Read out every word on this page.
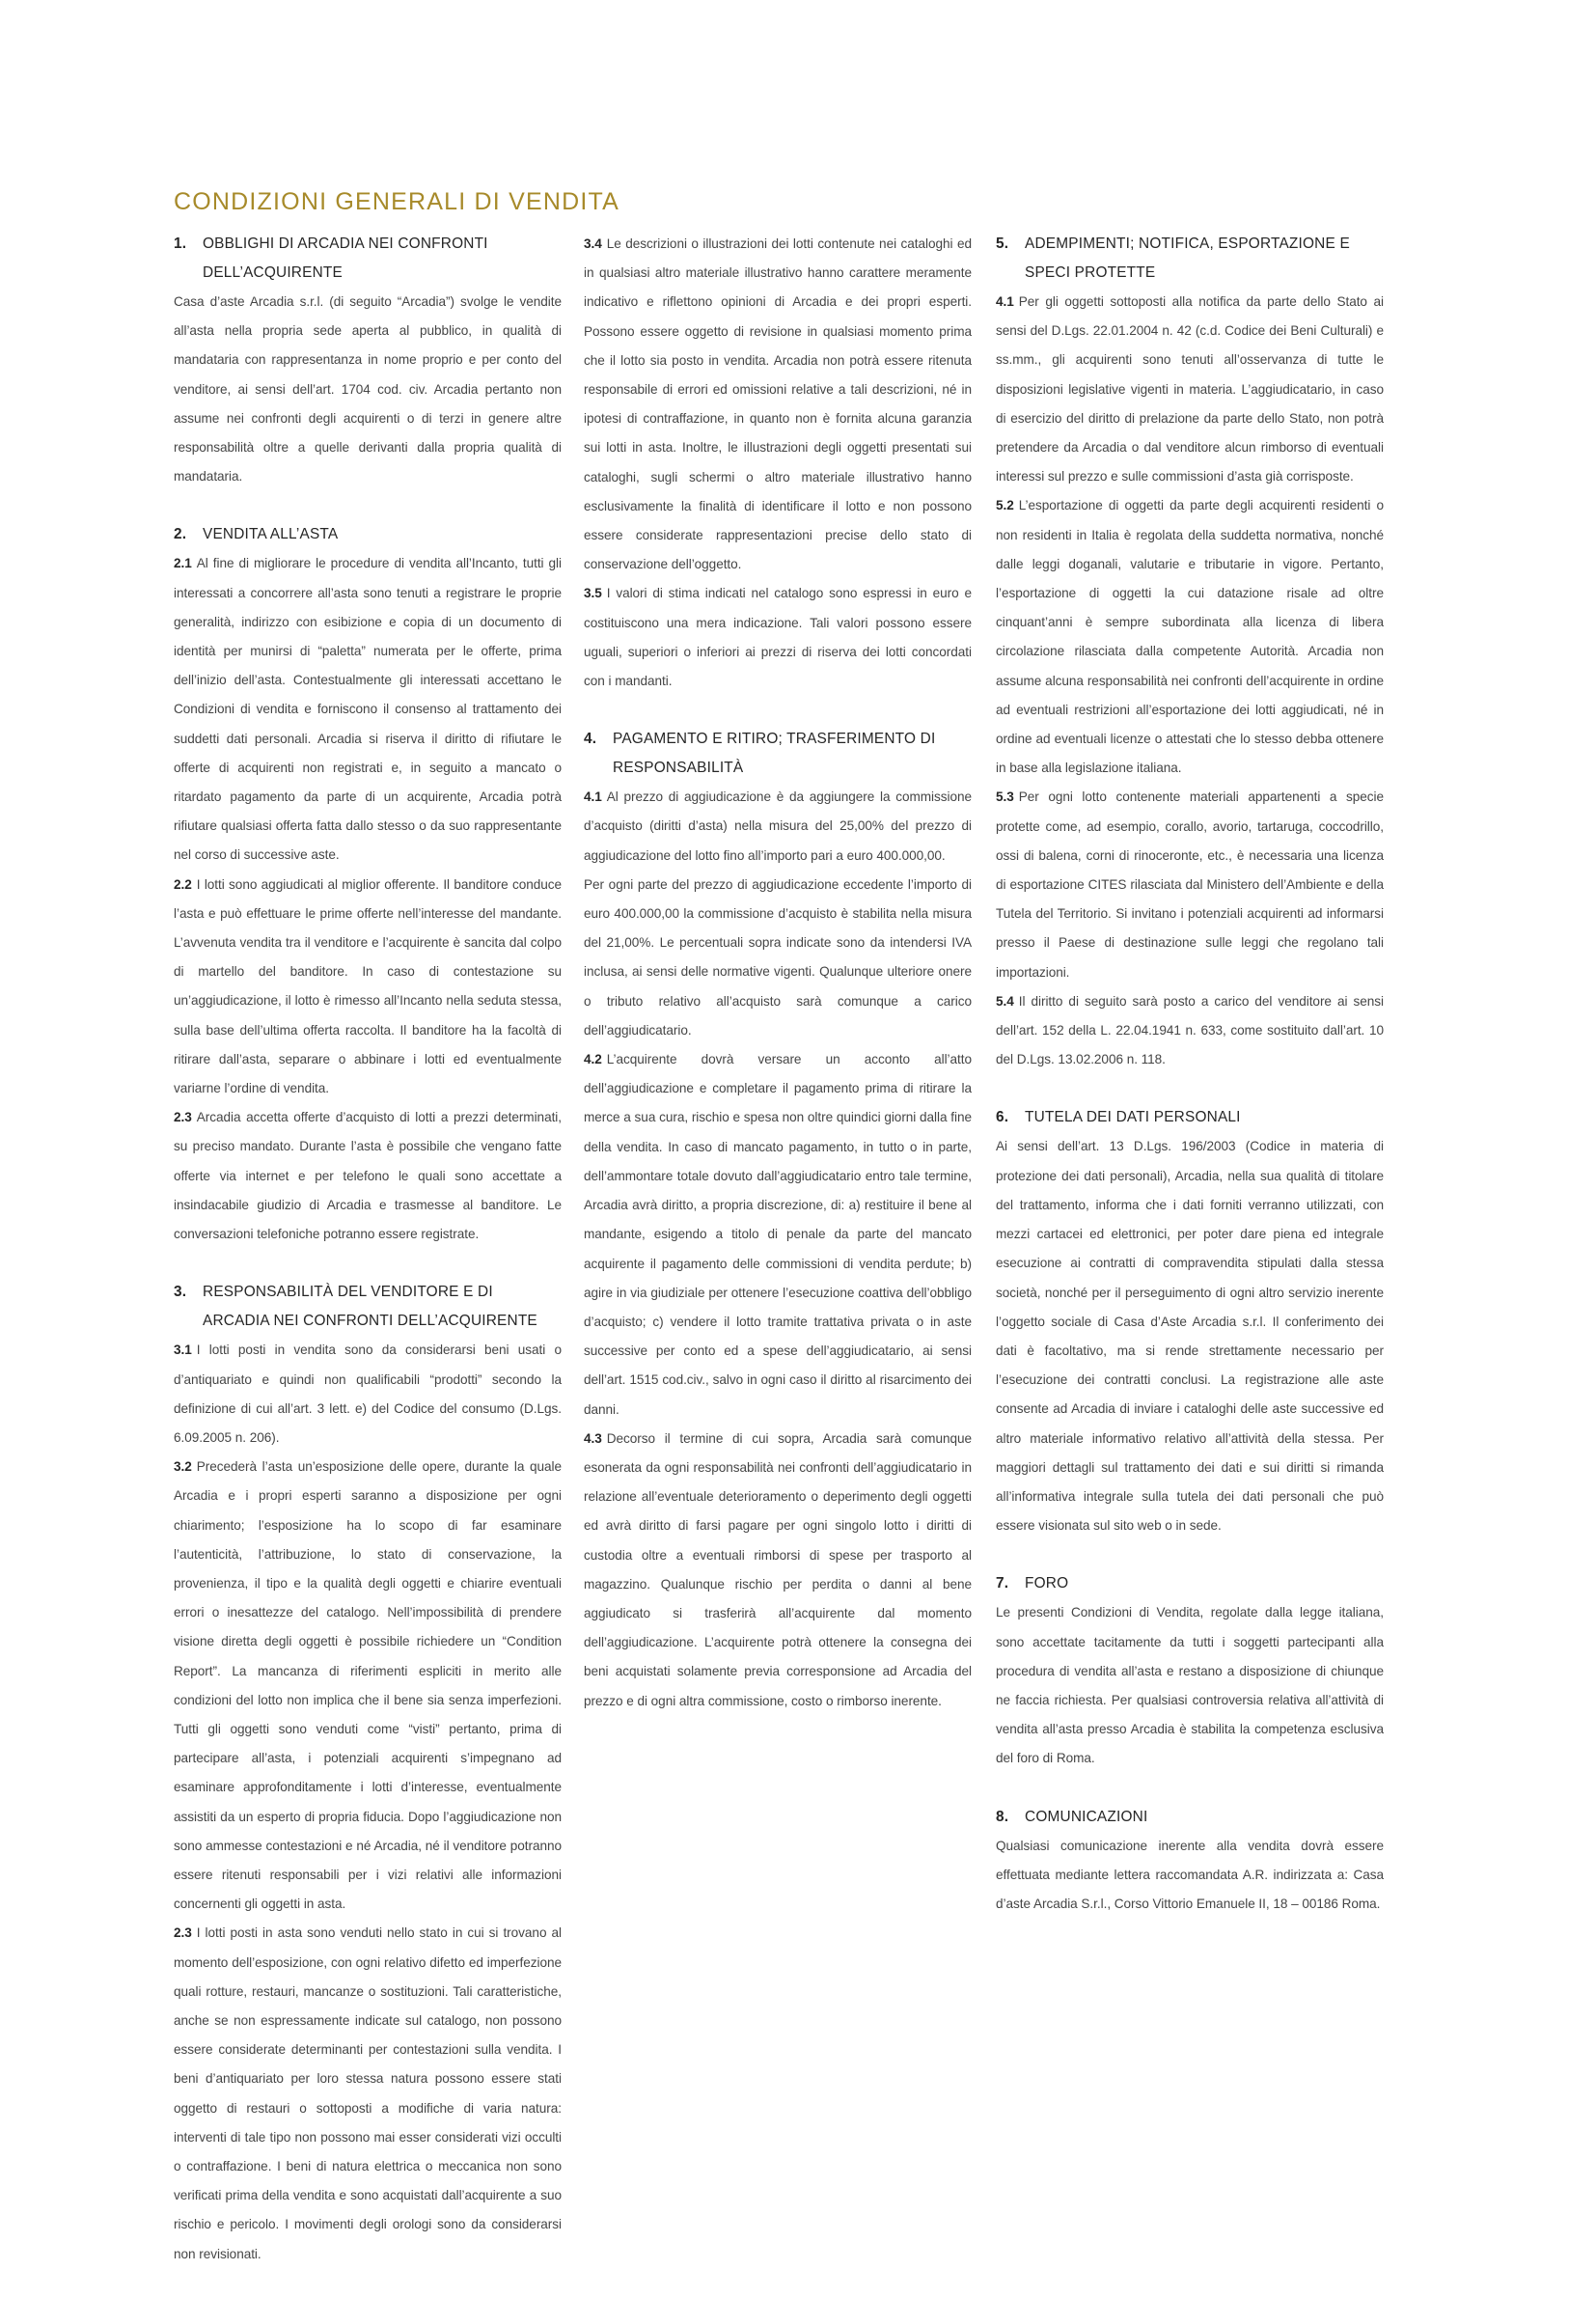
CONDIZIONI GENERALI DI VENDITA
1.	OBBLIGHI DI ARCADIA NEI CONFRONTI DELL’ACQUIRENTE

Casa d’aste Arcadia s.r.l. (di seguito “Arcadia”) svolge le vendite all’asta nella propria sede aperta al pubblico, in qualità di mandataria con rappresentanza in nome proprio e per conto del venditore, ai sensi dell’art. 1704 cod. civ. Arcadia pertanto non assume nei confronti degli acquirenti o di terzi in genere altre responsabilità oltre a quelle derivanti dalla propria qualità di mandataria.

2.	VENDITA ALL’ASTA

2.1 Al fine di migliorare le procedure di vendita all’Incanto, tutti gli interessati a concorrere all’asta sono tenuti a registrare le proprie generalità, indirizzo con esibizione e copia di un documento di identità per munirsi di “paletta” numerata per le offerte, prima dell’inizio dell’asta. Contestualmente gli interessati accettano le Condizioni di vendita e forniscono il consenso al trattamento dei suddetti dati personali. Arcadia si riserva il diritto di rifiutare le offerte di acquirenti non registrati e, in seguito a mancato o ritardato pagamento da parte di un acquirente, Arcadia potrà rifiutare qualsiasi offerta fatta dallo stesso o da suo rappresentante nel corso di successive aste.

2.2 I lotti sono aggiudicati al miglior offerente. Il banditore conduce l’asta e può effettuare le prime offerte nell’interesse del mandante. L’avvenuta vendita tra il venditore e l’acquirente è sancita dal colpo di martello del banditore. In caso di contestazione su un’aggiudicazione, il lotto è rimesso all’Incanto nella seduta stessa, sulla base dell’ultima offerta raccolta. Il banditore ha la facoltà di ritirare dall’asta, separare o abbinare i lotti ed eventualmente variarne l’ordine di vendita.

2.3 Arcadia accetta offerte d’acquisto di lotti a prezzi determinati, su preciso mandato. Durante l’asta è possibile che vengano fatte offerte via internet e per telefono le quali sono accettate a insindacabile giudizio di Arcadia e trasmesse al banditore. Le conversazioni telefoniche potranno essere registrate.

3.	RESPONSABILITÀ DEL VENDITORE E DI ARCADIA NEI CONFRONTI DELL’ACQUIRENTE

3.1 I lotti posti in vendita sono da considerarsi beni usati o d’antiquariato e quindi non qualificabili “prodotti” secondo la definizione di cui all’art. 3 lett. e) del Codice del consumo (D.Lgs. 6.09.2005 n. 206).

3.2 Precederà l’asta un’esposizione delle opere, durante la quale Arcadia e i propri esperti saranno a disposizione per ogni chiarimento; l’esposizione ha lo scopo di far esaminare l’autenticità, l’attribuzione, lo stato di conservazione, la provenienza, il tipo e la qualità degli oggetti e chiarire eventuali errori o inesattezze del catalogo. Nell’impossibilità di prendere visione diretta degli oggetti è possibile richiedere un “Condition Report”. La mancanza di riferimenti espliciti in merito alle condizioni del lotto non implica che il bene sia senza imperfezioni. Tutti gli oggetti sono venduti come “visti” pertanto, prima di partecipare all’asta, i potenziali acquirenti s’impegnano ad esaminare approfonditamente i lotti d’interesse, eventualmente assistiti da un esperto di propria fiducia. Dopo l’aggiudicazione non sono ammesse contestazioni e né Arcadia, né il venditore potranno essere ritenuti responsabili per i vizi relativi alle informazioni concernenti gli oggetti in asta.

2.3 I lotti posti in asta sono venduti nello stato in cui si trovano al momento dell’esposizione, con ogni relativo difetto ed imperfezione quali rotture, restauri, mancanze o sostituzioni. Tali caratteristiche, anche se non espressamente indicate sul catalogo, non possono essere considerate determinanti per contestazioni sulla vendita. I beni d’antiquariato per loro stessa natura possono essere stati oggetto di restauri o sottoposti a modifiche di varia natura: interventi di tale tipo non possono mai esser considerati vizi occulti o contraffazione. I beni di natura elettrica o meccanica non sono verificati prima della vendita e sono acquistati dall’acquirente a suo rischio e pericolo. I movimenti degli orologi sono da considerarsi non revisionati.

3.4 Le descrizioni o illustrazioni dei lotti contenute nei cataloghi ed in qualsiasi altro materiale illustrativo hanno carattere meramente indicativo e riflettono opinioni di Arcadia e dei propri esperti. Possono essere oggetto di revisione in qualsiasi momento prima che il lotto sia posto in vendita. Arcadia non potrà essere ritenuta responsabile di errori ed omissioni relative a tali descrizioni, né in ipotesi di contraffazione, in quanto non è fornita alcuna garanzia sui lotti in asta. Inoltre, le illustrazioni degli oggetti presentati sui cataloghi, sugli schermi o altro materiale illustrativo hanno esclusivamente la finalità di identificare il lotto e non possono essere considerate rappresentazioni precise dello stato di conservazione dell’oggetto.

3.5 I valori di stima indicati nel catalogo sono espressi in euro e costituiscono una mera indicazione. Tali valori possono essere uguali, superiori o inferiori ai prezzi di riserva dei lotti concordati con i mandanti.

4.	PAGAMENTO E RITIRO; TRASFERIMENTO DI RESPONSABILITÀ

4.1 Al prezzo di aggiudicazione è da aggiungere la commissione d’acquisto (diritti d’asta) nella misura del 25,00% del prezzo di aggiudicazione del lotto fino all’importo pari a euro 400.000,00.

Per ogni parte del prezzo di aggiudicazione eccedente l’importo di euro 400.000,00 la commissione d’acquisto è stabilita nella misura del 21,00%. Le percentuali sopra indicate sono da intendersi IVA inclusa, ai sensi delle normative vigenti. Qualunque ulteriore onere o tributo relativo all’acquisto sarà comunque a carico dell’aggiudicatario.

4.2 L’acquirente dovrà versare un acconto all’atto dell’aggiudicazione e completare il pagamento prima di ritirare la merce a sua cura, rischio e spesa non oltre quindici giorni dalla fine della vendita. In caso di mancato pagamento, in tutto o in parte, dell’ammontare totale dovuto dall’aggiudicatario entro tale termine, Arcadia avrà diritto, a propria discrezione, di: a) restituire il bene al mandante, esigendo a titolo di penale da parte del mancato acquirente il pagamento delle commissioni di vendita perdute; b) agire in via giudiziale per ottenere l’esecuzione coattiva dell’obbligo d’acquisto; c) vendere il lotto tramite trattativa privata o in aste successive per conto ed a spese dell’aggiudicatario, ai sensi dell’art. 1515 cod.civ., salvo in ogni caso il diritto al risarcimento dei danni.

4.3 Decorso il termine di cui sopra, Arcadia sarà comunque esonerata da ogni responsabilità nei confronti dell’aggiudicatario in relazione all’eventuale deterioramento o deperimento degli oggetti ed avrà diritto di farsi pagare per ogni singolo lotto i diritti di custodia oltre a eventuali rimborsi di spese per trasporto al magazzino. Qualunque rischio per perdita o danni al bene aggiudicato si trasferirà all’acquirente dal momento dell’aggiudicazione. L’acquirente potrà ottenere la consegna dei beni acquistati solamente previa corresponsione ad Arcadia del prezzo e di ogni altra commissione, costo o rimborso inerente.

5.	ADEMPIMENTI; NOTIFICA, ESPORTAZIONE E SPECI PROTETTE

4.1 Per gli oggetti sottoposti alla notifica da parte dello Stato ai sensi del D.Lgs. 22.01.2004 n. 42 (c.d. Codice dei Beni Culturali) e ss.mm., gli acquirenti sono tenuti all’osservanza di tutte le disposizioni legislative vigenti in materia. L’aggiudicatario, in caso di esercizio del diritto di prelazione da parte dello Stato, non potrà pretendere da Arcadia o dal venditore alcun rimborso di eventuali interessi sul prezzo e sulle commissioni d’asta già corrisposte.

5.2 L’esportazione di oggetti da parte degli acquirenti residenti o non residenti in Italia è regolata della suddetta normativa, nonché dalle leggi doganali, valutarie e tributarie in vigore. Pertanto, l’esportazione di oggetti la cui datazione risale ad oltre cinquant’anni è sempre subordinata alla licenza di libera circolazione rilasciata dalla competente Autorità. Arcadia non assume alcuna responsabilità nei confronti dell’acquirente in ordine ad eventuali restrizioni all’esportazione dei lotti aggiudicati, né in ordine ad eventuali licenze o attestati che lo stesso debba ottenere in base alla legislazione italiana.

5.3 Per ogni lotto contenente materiali appartenenti a specie protette come, ad esempio, corallo, avorio, tartaruga, coccodrillo, ossi di balena, corni di rinoceronte, etc., è necessaria una licenza di esportazione CITES rilasciata dal Ministero dell’Ambiente e della Tutela del Territorio. Si invitano i potenziali acquirenti ad informarsi presso il Paese di destinazione sulle leggi che regolano tali importazioni.

5.4 Il diritto di seguito sarà posto a carico del venditore ai sensi dell’art. 152 della L. 22.04.1941 n. 633, come sostituito dall’art. 10 del D.Lgs. 13.02.2006 n. 118.

6.	TUTELA DEI DATI PERSONALI

Ai sensi dell’art. 13 D.Lgs. 196/2003 (Codice in materia di protezione dei dati personali), Arcadia, nella sua qualità di titolare del trattamento, informa che i dati forniti verranno utilizzati, con mezzi cartacei ed elettronici, per poter dare piena ed integrale esecuzione ai contratti di compravendita stipulati dalla stessa società, nonché per il perseguimento di ogni altro servizio inerente l’oggetto sociale di Casa d’Aste Arcadia s.r.l. Il conferimento dei dati è facoltativo, ma si rende strettamente necessario per l’esecuzione dei contratti conclusi. La registrazione alle aste consente ad Arcadia di inviare i cataloghi delle aste successive ed altro materiale informativo relativo all’attività della stessa. Per maggiori dettagli sul trattamento dei dati e sui diritti si rimanda all’informativa integrale sulla tutela dei dati personali che può essere visionata sul sito web o in sede.

7.	FORO

Le presenti Condizioni di Vendita, regolate dalla legge italiana, sono accettate tacitamente da tutti i soggetti partecipanti alla procedura di vendita all’asta e restano a disposizione di chiunque ne faccia richiesta. Per qualsiasi controversia relativa all’attività di vendita all’asta presso Arcadia è stabilita la competenza esclusiva del foro di Roma.

8.	COMUNICAZIONI

Qualsiasi comunicazione inerente alla vendita dovrà essere effettuata mediante lettera raccomandata A.R. indirizzata a: Casa d’aste Arcadia S.r.l., Corso Vittorio Emanuele II, 18 – 00186 Roma.
